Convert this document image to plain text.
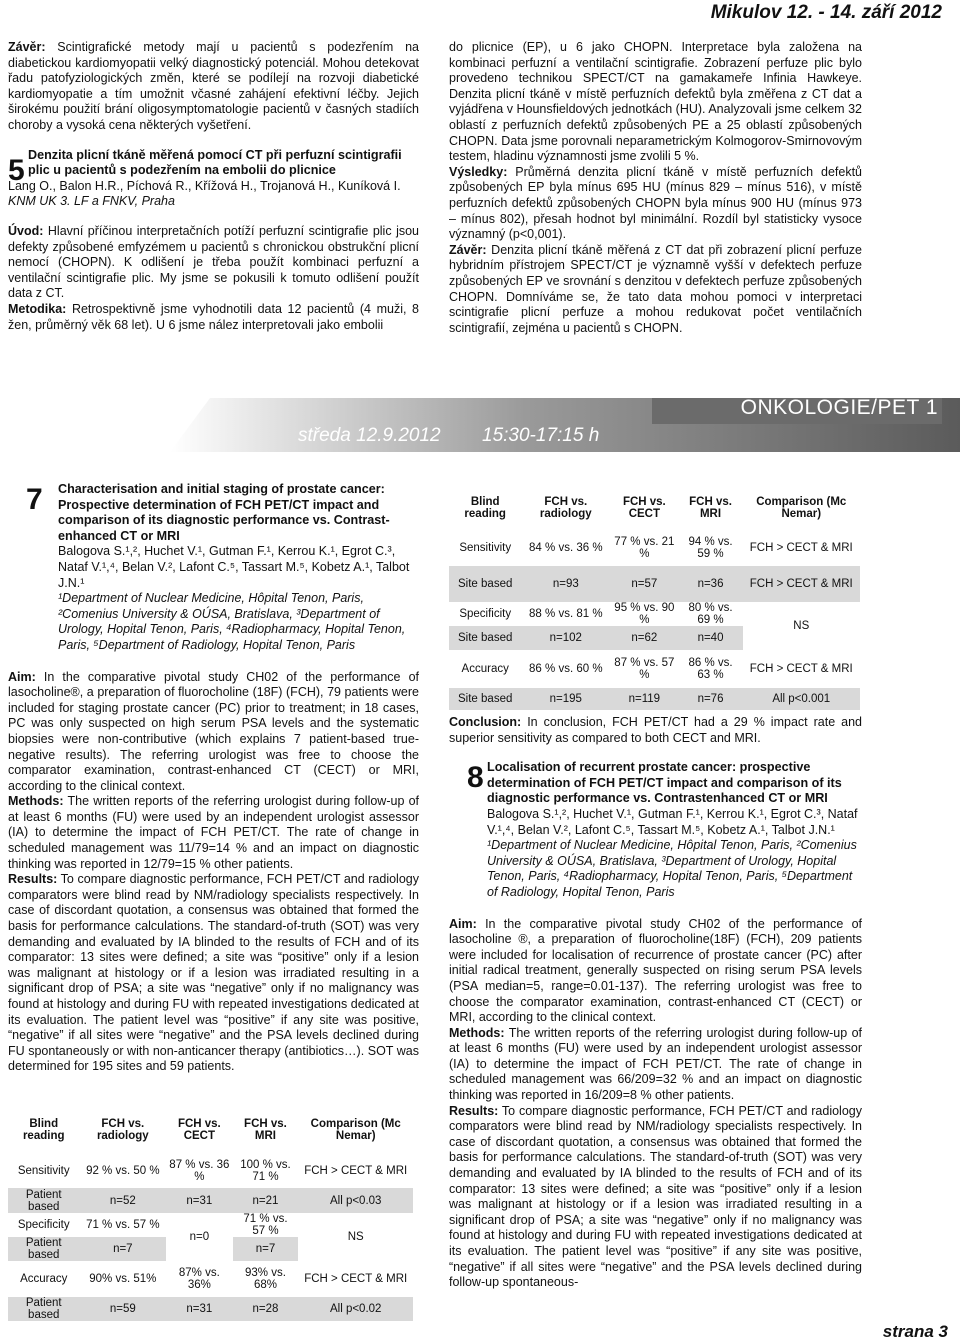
Mikulov 12. - 14. září 2012

Závěr: Scintigrafické metody mají u pacientů s podezřením na diabetickou kardiomyopatii velký diagnostický potenciál. Mohou detekovat řadu patofyziologických změn, které se podílejí na rozvoji diabetické kardiomyopatie a tím umožnit včasné zahájení efektivní léčby. Jejich širokému použití brání oligosymptomatologie pacientů v časných stadiích choroby a vysoká cena některých vyšetření.

5 Denzita plicní tkáně měřená pomocí CT při perfuzní scintigrafii plic u pacientů s podezřením na embolii do plicnice
Lang O., Balon H.R., Píchová R., Křížová H., Trojanová H., Kuníková I.
KNM UK 3. LF a FNKV, Praha

Úvod: Hlavní příčinou interpretačních potíží perfuzní scintigrafie plic jsou defekty způsobené emfyzémem u pacientů s chronickou obstrukční plicní nemocí (CHOPN). K odlišení je třeba použít kombinaci perfuzní a ventilační scintigrafie plic. My jsme se pokusili k tomuto odlišení použít data z CT.

Metodika: Retrospektivně jsme vyhodnotili data 12 pacientů (4 muži, 8 žen, průměrný věk 68 let). U 6 jsme nález interpretovali jako embolii

do plicnice (EP), u 6 jako CHOPN. Interpretace byla založena na kombinaci perfuzní a ventilační scintigrafie. Zobrazení perfuze plic bylo provedeno technikou SPECT/CT na gamakameře Infinia Hawkeye. Denzita plicní tkáně v místě perfuzních defektů byla změřena z CT dat a vyjádřena v Hounsfieldových jednotkách (HU). Analyzovali jsme celkem 32 oblastí z perfuzních defektů způsobených PE a 25 oblastí způsobených CHOPN. Data jsme porovnali neparametrickým Kolmogorov-Smirnovovým testem, hladinu významnosti jsme zvolili 5 %.

Výsledky: Průměrná denzita plicní tkáně v místě perfuzních defektů způsobených EP byla mínus 695 HU (mínus 829 – mínus 516), v místě perfuzních defektů způsobených CHOPN byla mínus 900 HU (mínus 973 – mínus 802), přesah hodnot byl minimální. Rozdíl byl statisticky vysoce významný (p<0,001).

Závěr: Denzita plicní tkáně měřená z CT dat při zobrazení plicní perfuze hybridním přístrojem SPECT/CT je významně vyšší v defektech perfuze způsobených EP ve srovnání s denzitou v defektech perfuze způsobených CHOPN. Domníváme se, že tato data mohou pomoci v interpretaci scintigrafie plicní perfuze a mohou redukovat počet ventilačních scintigrafií, zejména u pacientů s CHOPN.

ONKOLOGIE/PET 1
středa 12.9.2012 15:30-17:15 h
7 Characterisation and initial staging of prostate cancer: Prospective determination of FCH PET/CT impact and comparison of its diagnostic performance vs. Contrast-enhanced CT or MRI
Balogova S.¹,², Huchet V.¹, Gutman F.¹, Kerrou K.¹, Egrot C.³, Nataf V.¹,⁴, Belan V.², Lafont C.⁵, Tassart M.⁵, Kobetz A.¹, Talbot J.N.¹
¹Department of Nuclear Medicine, Hôpital Tenon, Paris, ²Comenius University & OÚSA, Bratislava, ³Department of Urology, Hopital Tenon, Paris, ⁴Radiopharmacy, Hopital Tenon, Paris, ⁵Department of Radiology, Hopital Tenon, Paris

Aim: In the comparative pivotal study CH02 of the performance of lasocholine®, a preparation of fluorocholine (18F) (FCH), 79 patients were included for staging prostate cancer (PC) prior to treatment; in 18 cases, PC was only suspected on high serum PSA levels and the systematic biopsies were non-contributive (which explains 7 patient-based true-negative results). The referring urologist was free to choose the comparator examination, contrast-enhanced CT (CECT) or MRI, according to the clinical context.

Methods: The written reports of the referring urologist during follow-up of at least 6 months (FU) were used by an independent urologist assessor (IA) to determine the impact of FCH PET/CT. The rate of change in scheduled management was 11/79=14 % and an impact on diagnostic thinking was reported in 12/79=15 % other patients.

Results: To compare diagnostic performance, FCH PET/CT and radiology comparators were blind read by NM/radiology specialists respectively. In case of discordant quotation, a consensus was obtained that formed the basis for performance calculations. The standard-of-truth (SOT) was very demanding and evaluated by IA blinded to the results of FCH and of its comparator: 13 sites were defined; a site was “positive” only if a lesion was malignant at histology or if a lesion was irradiated resulting in a significant drop of PSA; a site was “negative” only if no malignancy was found at histology and during FU with repeated investigations dedicated at its evaluation. The patient level was “positive” if any site was positive, “negative” if all sites were “negative” and the PSA levels declined during FU spontaneously or with non-anticancer therapy (antibiotics…). SOT was determined for 195 sites and 59 patients.

Blind reading	FCH vs. radiology	FCH vs. CECT	FCH vs. MRI	Comparison (Mc Nemar)
Sensitivity	92 % vs. 50 %	87 % vs. 36 %	100 % vs. 71 %	FCH > CECT & MRI
Patient based	n=52	n=31	n=21	All p<0.03
Specificity	71 % vs. 57 %	n=0	71 % vs. 57 %	NS
Patient based	n=7		n=7	
Accuracy	90% vs. 51%	87% vs. 36%	93% vs. 68%	FCH > CECT & MRI
Patient based	n=59	n=31	n=28	All p<0.02
Blind reading	FCH vs. radiology	FCH vs. CECT	FCH vs. MRI	Comparison (Mc Nemar)
Sensitivity	84 % vs. 36 %	77 % vs. 21 %	94 % vs. 59 %	FCH > CECT & MRI
Site based	n=93	n=57	n=36	FCH > CECT & MRI
Specificity	88 % vs. 81 %	95 % vs. 90 %	80 % vs. 69 %	NS
Site based	n=102	n=62	n=40	
Accuracy	86 % vs. 60 %	87 % vs. 57 %	86 % vs. 63 %	FCH > CECT & MRI
Site based	n=195	n=119	n=76	All p<0.001

Conclusion: In conclusion, FCH PET/CT had a 29 % impact rate and superior sensitivity as compared to both CECT and MRI.

8 Localisation of recurrent prostate cancer: prospective determination of FCH PET/CT impact and comparison of its diagnostic performance vs. Contrastenhanced CT or MRI
Balogova S.¹,², Huchet V.¹, Gutman F.¹, Kerrou K.¹, Egrot C.³, Nataf V.¹,⁴, Belan V.², Lafont C.⁵, Tassart M.⁵, Kobetz A.¹, Talbot J.N.¹
¹Department of Nuclear Medicine, Hôpital Tenon, Paris, ²Comenius University & OÚSA, Bratislava, ³Department of Urology, Hopital Tenon, Paris, ⁴Radiopharmacy, Hopital Tenon, Paris, ⁵Department of Radiology, Hopital Tenon, Paris

Aim: In the comparative pivotal study CH02 of the performance of lasocholine ®, a preparation of fluorocholine(18F) (FCH), 209 patients were included for localisation of recurrence of prostate cancer (PC) after initial radical treatment, generally suspected on rising serum PSA levels (PSA median=5, range=0.01-137). The referring urologist was free to choose the comparator examination, contrast-enhanced CT (CECT) or MRI, according to the clinical context.

Methods: The written reports of the referring urologist during follow-up of at least 6 months (FU) were used by an independent urologist assessor (IA) to determine the impact of FCH PET/CT. The rate of change in scheduled management was 66/209=32 % and an impact on diagnostic thinking was reported in 16/209=8 % other patients.

Results: To compare diagnostic performance, FCH PET/CT and radiology comparators were blind read by NM/radiology specialists respectively. In case of discordant quotation, a consensus was obtained that formed the basis for performance calculations. The standard-of-truth (SOT) was very demanding and evaluated by IA blinded to the results of FCH and of its comparator: 13 sites were defined; a site was “positive” only if a lesion was malignant at histology or if a lesion was irradiated resulting in a significant drop of PSA; a site was “negative” only if no malignancy was found at histology and during FU with repeated investigations dedicated at its evaluation. The patient level was “positive” if any site was positive, “negative” if all sites were “negative” and the PSA levels declined during follow-up spontaneous-

strana 3
